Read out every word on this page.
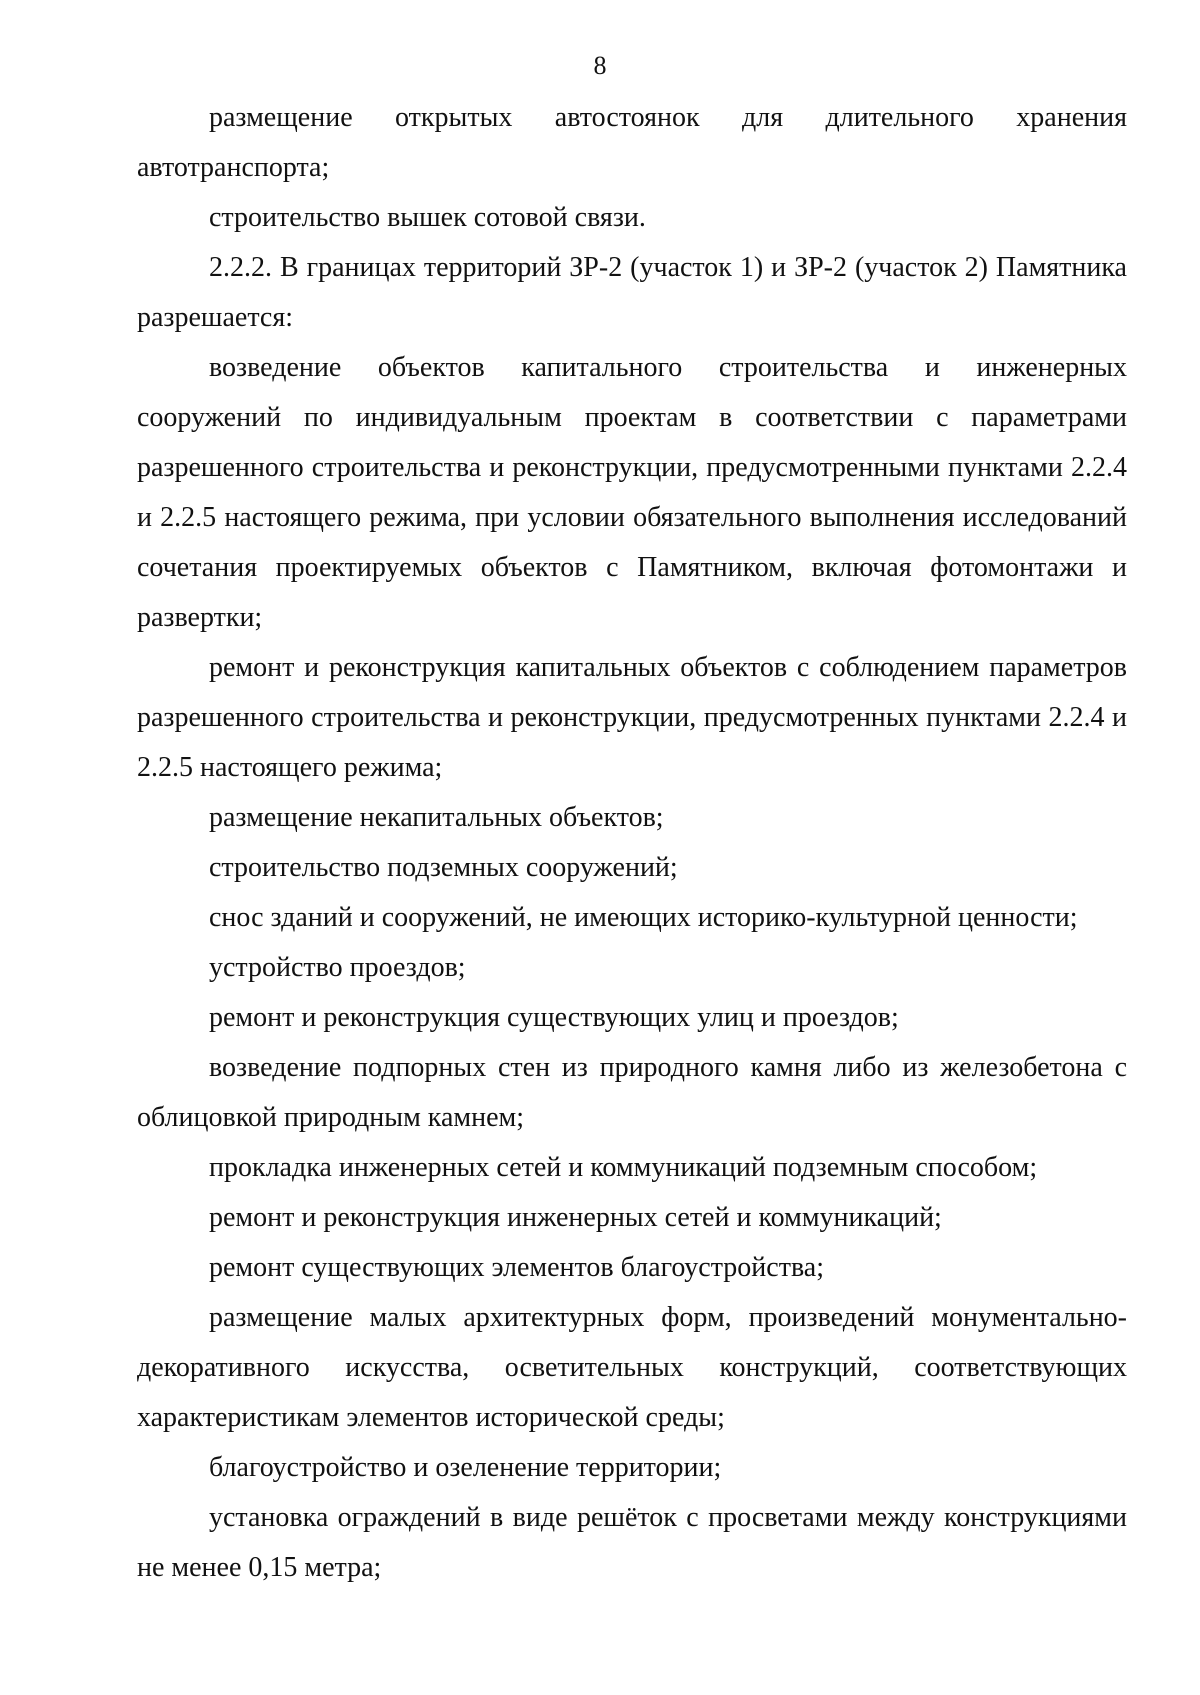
8

размещение открытых автостоянок для длительного хранения автотранспорта;

строительство вышек сотовой связи.

2.2.2. В границах территорий ЗР-2 (участок 1) и ЗР-2 (участок 2) Памятника разрешается:

возведение объектов капитального строительства и инженерных сооружений по индивидуальным проектам в соответствии с параметрами разрешенного строительства и реконструкции, предусмотренными пунктами 2.2.4 и 2.2.5 настоящего режима, при условии обязательного выполнения исследований сочетания проектируемых объектов с Памятником, включая фотомонтажи и развертки;

ремонт и реконструкция капитальных объектов с соблюдением параметров разрешенного строительства и реконструкции, предусмотренных пунктами 2.2.4 и 2.2.5 настоящего режима;

размещение некапитальных объектов;

строительство подземных сооружений;

снос зданий и сооружений, не имеющих историко-культурной ценности;

устройство проездов;

ремонт и реконструкция существующих улиц и проездов;

возведение подпорных стен из природного камня либо из железобетона с облицовкой природным камнем;

прокладка инженерных сетей и коммуникаций подземным способом;

ремонт и реконструкция инженерных сетей и коммуникаций;

ремонт существующих элементов благоустройства;

размещение малых архитектурных форм, произведений монументально-декоративного искусства, осветительных конструкций, соответствующих характеристикам элементов исторической среды;

благоустройство и озеленение территории;

установка ограждений в виде решёток с просветами между конструкциями не менее 0,15 метра;
